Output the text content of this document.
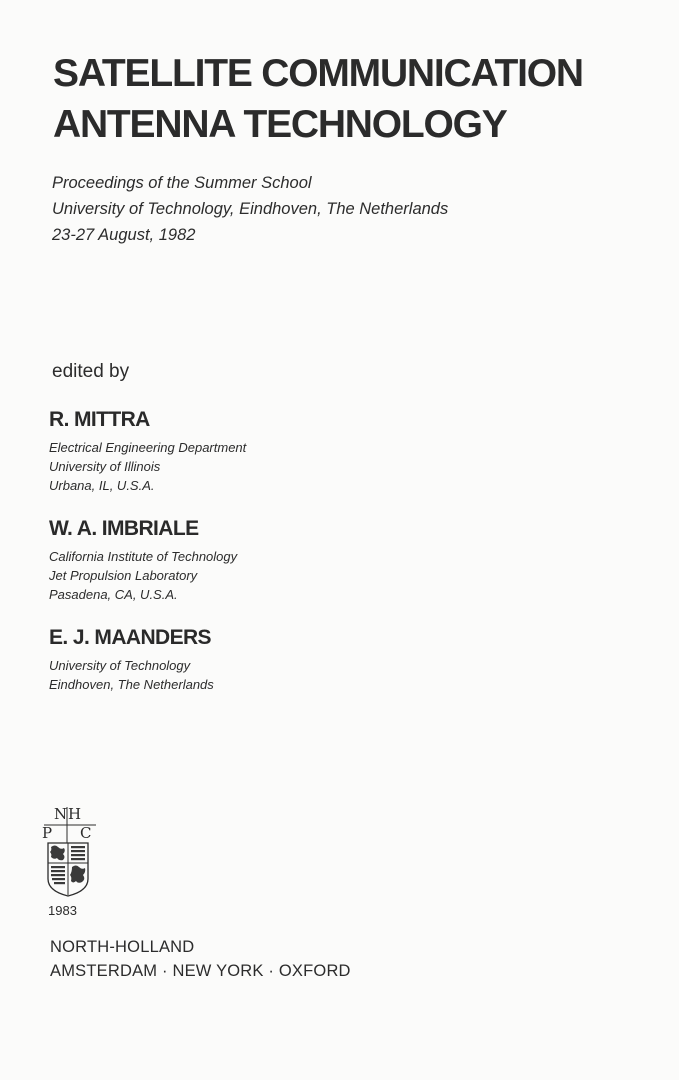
SATELLITE COMMUNICATION
ANTENNA TECHNOLOGY
Proceedings of the Summer School
University of Technology, Eindhoven, The Netherlands
23-27 August, 1982
edited by
R. MITTRA
Electrical Engineering Department
University of Illinois
Urbana, IL, U.S.A.
W. A. IMBRIALE
California Institute of Technology
Jet Propulsion Laboratory
Pasadena, CA, U.S.A.
E. J. MAANDERS
University of Technology
Eindhoven, The Netherlands
N H
P C
1983
NORTH-HOLLAND
AMSTERDAM · NEW YORK · OXFORD
